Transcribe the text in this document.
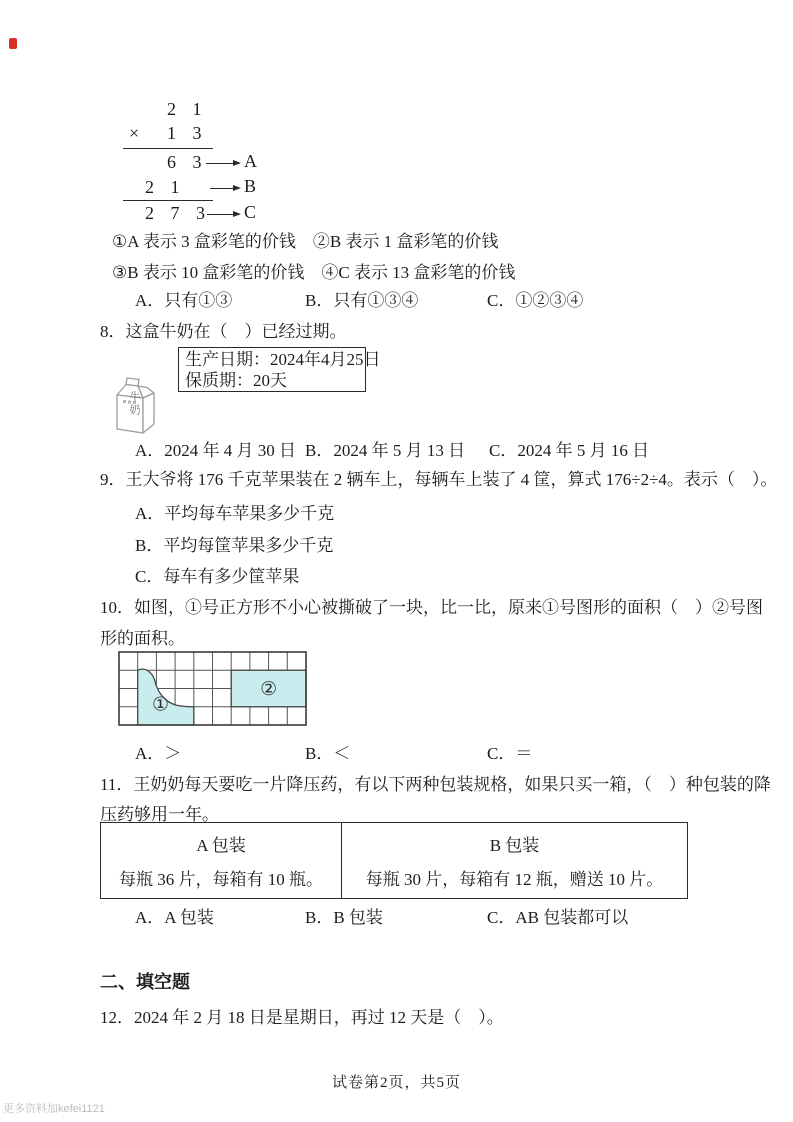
2 1
× 1 3
6 3 A
2 1	B
2 7 3 C
①A 表示 3 盒彩笔的价钱　②B 表示 1 盒彩笔的价钱
③B 表示 10 盒彩笔的价钱　④C 表示 13 盒彩笔的价钱
A．只有①③	B．只有①③④	C．①②③④
8．这盒牛奶在（　）已经过期。
牛奶
生产日期：2024年4月25日
保质期：20天
A．2024 年 4 月 30 日 B．2024 年 5 月 13 日 C．2024 年 5 月 16 日
9．王大爷将 176 千克苹果装在 2 辆车上，每辆车上装了 4 筐，算式 176÷2÷4。表示（　）。
A．平均每车苹果多少千克
B．平均每筐苹果多少千克
C．每车有多少筐苹果
10．如图，①号正方形不小心被撕破了一块，比一比，原来①号图形的面积（　）②号图
形的面积。
①
②
A．＞	B．＜	C．＝
11．王奶奶每天要吃一片降压药，有以下两种包装规格，如果只买一箱，（　）种包装的降
压药够用一年。
A 包装
每瓶 36 片，每箱有 10 瓶。
B 包装
每瓶 30 片，每箱有 12 瓶，赠送 10 片。
A．A 包装	B．B 包装	C．AB 包装都可以
二、填空题
12．2024 年 2 月 18 日是星期日，再过 12 天是（　）。
试卷第2页，共5页
更多资料加kefei1121
